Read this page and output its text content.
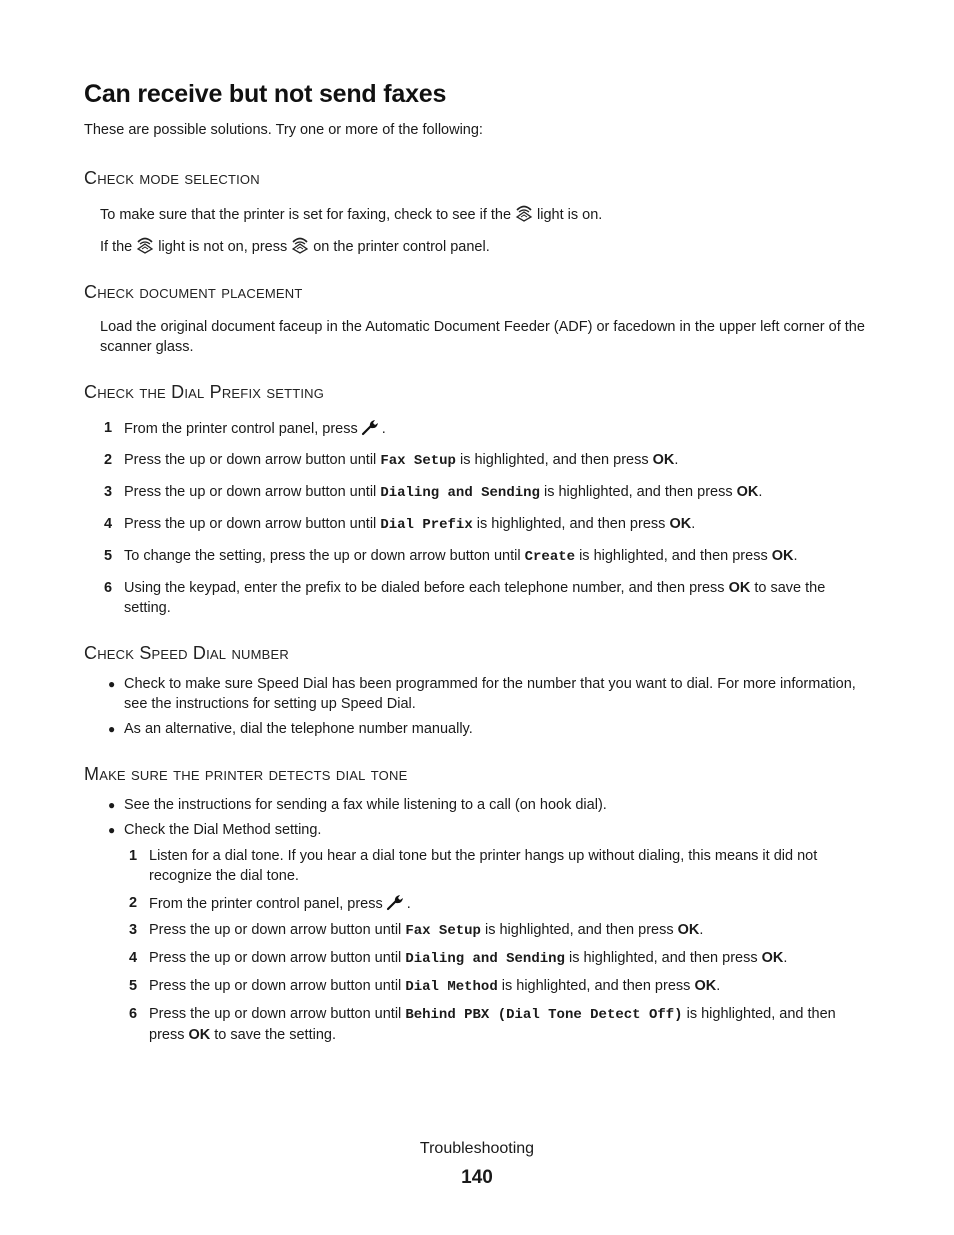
Can receive but not send faxes

These are possible solutions. Try one or more of the following:

Check mode selection

To make sure that the printer is set for faxing, check to see if the light is on.

If the light is not on, press on the printer control panel.

Check document placement

Load the original document faceup in the Automatic Document Feeder (ADF) or facedown in the upper left corner of the scanner glass.

Check the Dial Prefix setting
1 From the printer control panel, press .
2 Press the up or down arrow button until Fax Setup is highlighted, and then press OK.
3 Press the up or down arrow button until Dialing and Sending is highlighted, and then press OK.
4 Press the up or down arrow button until Dial Prefix is highlighted, and then press OK.
5 To change the setting, press the up or down arrow button until Create is highlighted, and then press OK.
6 Using the keypad, enter the prefix to be dialed before each telephone number, and then press OK to save the setting.
Check Speed Dial number
● Check to make sure Speed Dial has been programmed for the number that you want to dial. For more information, see the instructions for setting up Speed Dial.
● As an alternative, dial the telephone number manually.
Make sure the printer detects dial tone
● See the instructions for sending a fax while listening to a call (on hook dial).
● Check the Dial Method setting.
1 Listen for a dial tone. If you hear a dial tone but the printer hangs up without dialing, this means it did not recognize the dial tone.
2 From the printer control panel, press .
3 Press the up or down arrow button until Fax Setup is highlighted, and then press OK.
4 Press the up or down arrow button until Dialing and Sending is highlighted, and then press OK.
5 Press the up or down arrow button until Dial Method is highlighted, and then press OK.
6 Press the up or down arrow button until Behind PBX (Dial Tone Detect Off) is highlighted, and then press OK to save the setting.
Troubleshooting
140
